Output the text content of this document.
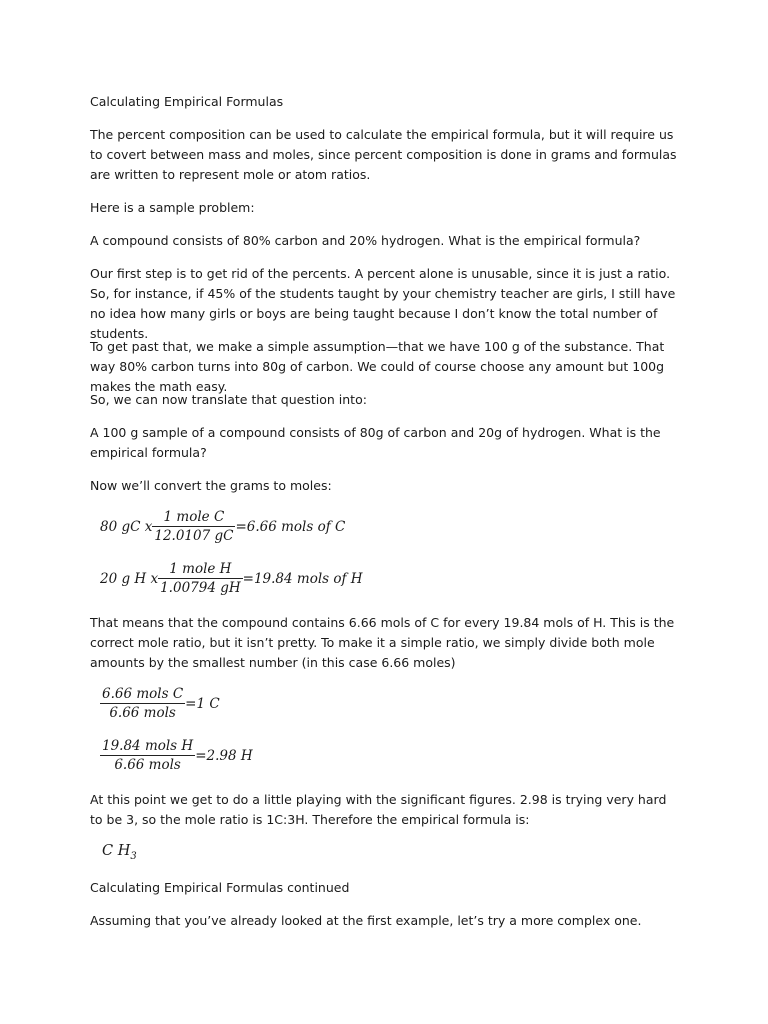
Calculating Empirical Formulas

The percent composition can be used to calculate the empirical formula, but it will require us to covert between mass and moles, since percent composition is done in grams and formulas are written to represent mole or atom ratios.

Here is a sample problem:

A compound consists of 80% carbon and 20% hydrogen. What is the empirical formula?

Our first step is to get rid of the percents. A percent alone is unusable, since it is just a ratio. So, for instance, if 45% of the students taught by your chemistry teacher are girls, I still have no idea how many girls or boys are being taught because I don’t know the total number of students.

To get past that, we make a simple assumption—that we have 100 g of the substance. That way 80% carbon turns into 80g of carbon. We could of course choose any amount but 100g makes the math easy.

So, we can now translate that question into:

A 100 g sample of a compound consists of 80g of carbon and 20g of hydrogen. What is the empirical formula?

Now we’ll convert the grams to moles:

80 gC x $\frac{\text{1 mole C}}{12.0107 gC} =6.66$ mols of C
20 g H x $\frac{\text{1 mole H}}{1.00794 gH} =19.84$ mols of H

That means that the compound contains 6.66 mols of C for every 19.84 mols of H. This is the correct mole ratio, but it isn’t pretty. To make it a simple ratio, we simply divide both mole amounts by the smallest number (in this case 6.66 moles)

$\frac{\text{6.66 mols C}}{\text{6.66 mols}} =1$ C
$\frac{\text{19.84 mols H}}{\text{6.66 mols}} =2.98$ H

At this point we get to do a little playing with the significant figures. 2.98 is trying very hard to be 3, so the mole ratio is 1C:3H. Therefore the empirical formula is:

C $H_3$

Calculating Empirical Formulas continued

Assuming that you’ve already looked at the first example, let’s try a more complex one.
